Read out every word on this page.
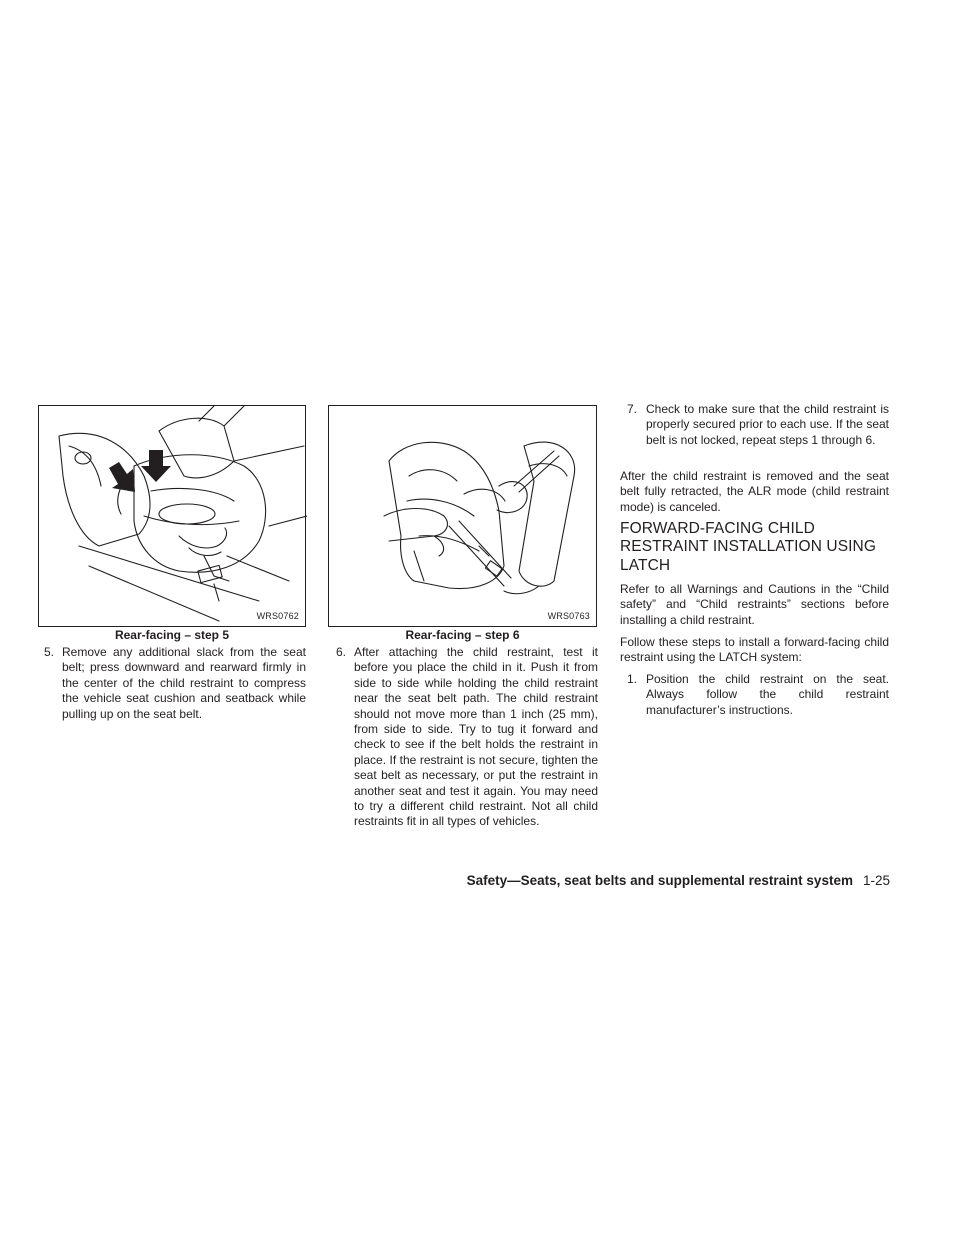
WRS0762
Rear-facing – step 5
WRS0763
Rear-facing – step 6
5. Remove any additional slack from the seat belt; press downward and rearward firmly in the center of the child restraint to compress the vehicle seat cushion and seatback while pulling up on the seat belt.
6. After attaching the child restraint, test it before you place the child in it. Push it from side to side while holding the child restraint near the seat belt path. The child restraint should not move more than 1 inch (25 mm), from side to side. Try to tug it forward and check to see if the belt holds the restraint in place. If the restraint is not secure, tighten the seat belt as necessary, or put the restraint in another seat and test it again. You may need to try a different child restraint. Not all child restraints fit in all types of vehicles.
7. Check to make sure that the child restraint is properly secured prior to each use. If the seat belt is not locked, repeat steps 1 through 6.
After the child restraint is removed and the seat belt fully retracted, the ALR mode (child restraint mode) is canceled.
FORWARD-FACING CHILD RESTRAINT INSTALLATION USING LATCH
Refer to all Warnings and Cautions in the “Child safety” and “Child restraints” sections before installing a child restraint.
Follow these steps to install a forward-facing child restraint using the LATCH system:
1. Position the child restraint on the seat. Always follow the child restraint manufacturer’s instructions.
Safety—Seats, seat belts and supplemental restraint system 1-25
